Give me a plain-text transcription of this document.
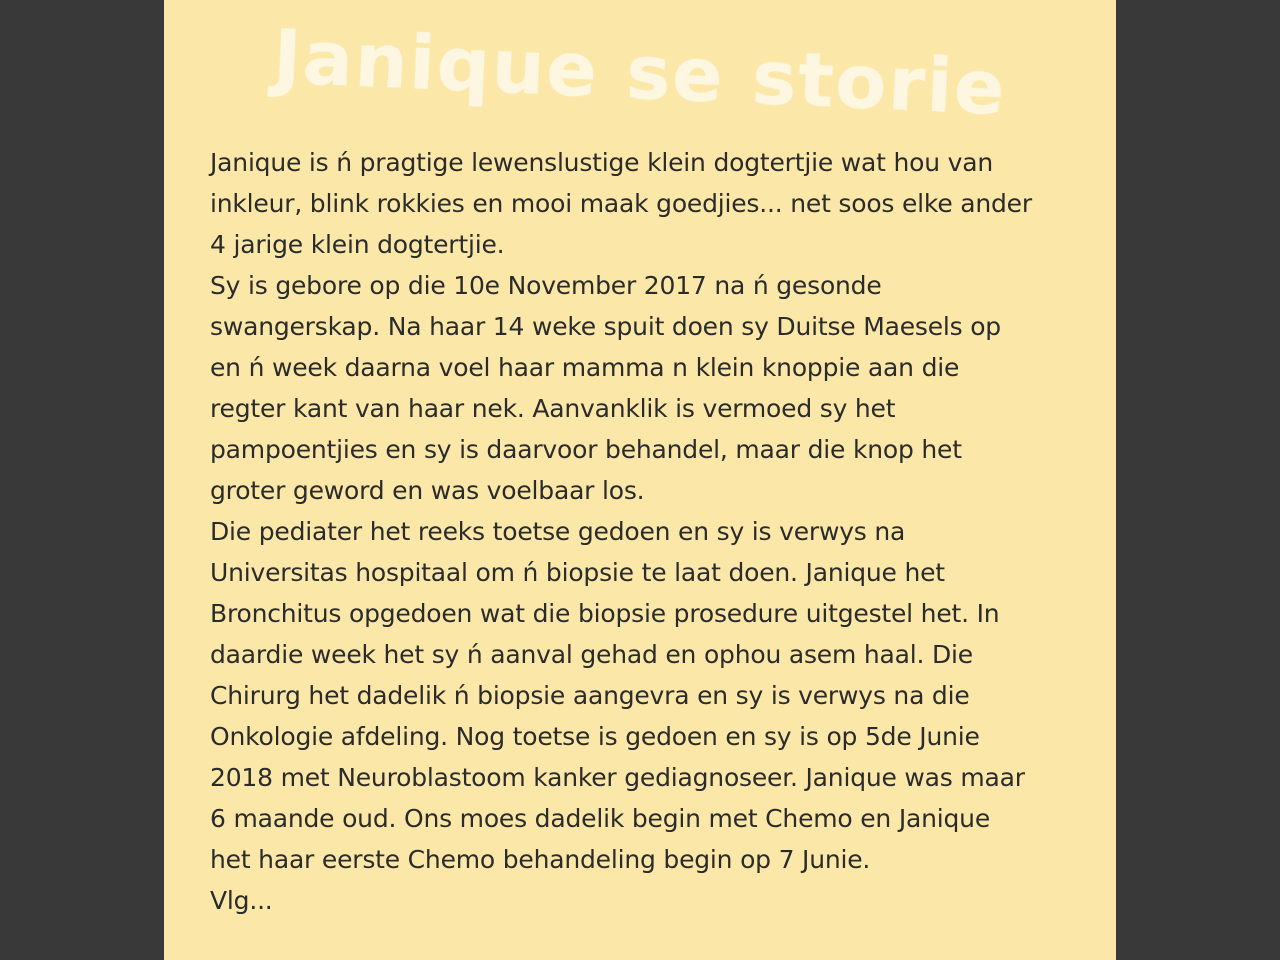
Janique se storie
Janique is ń pragtige lewenslustige klein dogtertjie wat hou van
inkleur, blink rokkies en mooi maak goedjies... net soos elke ander
4 jarige klein dogtertjie.
Sy is gebore op die 10e November 2017 na ń gesonde
swangerskap. Na haar 14 weke spuit doen sy Duitse Maesels op
en ń week daarna voel haar mamma n klein knoppie aan die
regter kant van haar nek. Aanvanklik is vermoed sy het
pampoentjies en sy is daarvoor behandel, maar die knop het
groter geword en was voelbaar los.
Die pediater het reeks toetse gedoen en sy is verwys na
Universitas hospitaal om ń biopsie te laat doen. Janique het
Bronchitus opgedoen wat die biopsie prosedure uitgestel het. In
daardie week het sy ń aanval gehad en ophou asem haal. Die
Chirurg het dadelik ń biopsie aangevra en sy is verwys na die
Onkologie afdeling. Nog toetse is gedoen en sy is op 5de Junie
2018 met Neuroblastoom kanker gediagnoseer. Janique was maar
6 maande oud. Ons moes dadelik begin met Chemo en Janique
het haar eerste Chemo behandeling begin op 7 Junie.
Vlg...
